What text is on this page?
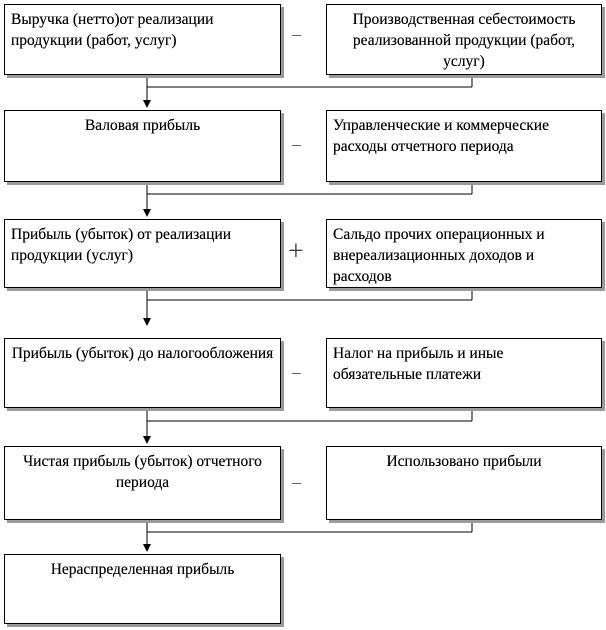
Выручка (нетто)от реализации продукции (работ, услуг)	–
Производственная себестоимость реализованной продукции (работ, услуг)
Валовая прибыль
–
Управленческие и коммерческие расходы отчетного периода
Прибыль (убыток) от реализации продукции (услуг)	+
Сальдо прочих операционных и внереализационных доходов и расходов
Прибыль (убыток) до налогообложения
–
Налог на прибыль и иные обязательные платежи
Чистая прибыль (убыток) отчетного периода	–
Использовано прибыли
Нераспределенная прибыль
